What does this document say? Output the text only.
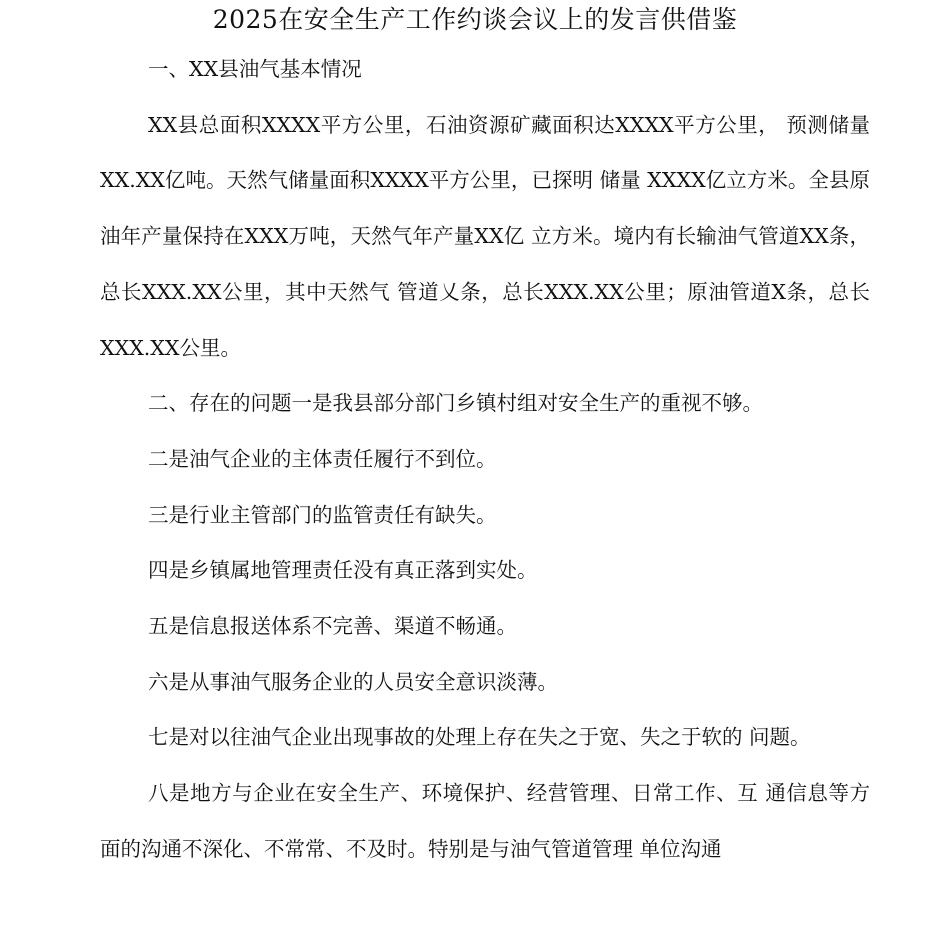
2025在安全生产工作约谈会议上的发言供借鉴

一、XX县油气基本情况

XX县总面积XXXX平方公里，石油资源矿藏面积达XXXX平方公里， 预测储量XX.XX亿吨。天然气储量面积XXXX平方公里，已探明 储量 XXXX亿立方米。全县原油年产量保持在XXX万吨，天然气年产量XX亿 立方米。境内有长输油气管道XX条，总长XXX.XX公里，其中天然气 管道乂条，总长XXX.XX公里；原油管道X条，总长XXX.XX公里。

二、存在的问题一是我县部分部门乡镇村组对安全生产的重视不够。

二是油气企业的主体责任履行不到位。

三是行业主管部门的监管责任有缺失。

四是乡镇属地管理责任没有真正落到实处。

五是信息报送体系不完善、渠道不畅通。

六是从事油气服务企业的人员安全意识淡薄。

七是对以往油气企业出现事故的处理上存在失之于宽、失之于软的 问题。

八是地方与企业在安全生产、环境保护、经营管理、日常工作、互 通信息等方面的沟通不深化、不常常、不及时。特别是与油气管道管理 单位沟通
